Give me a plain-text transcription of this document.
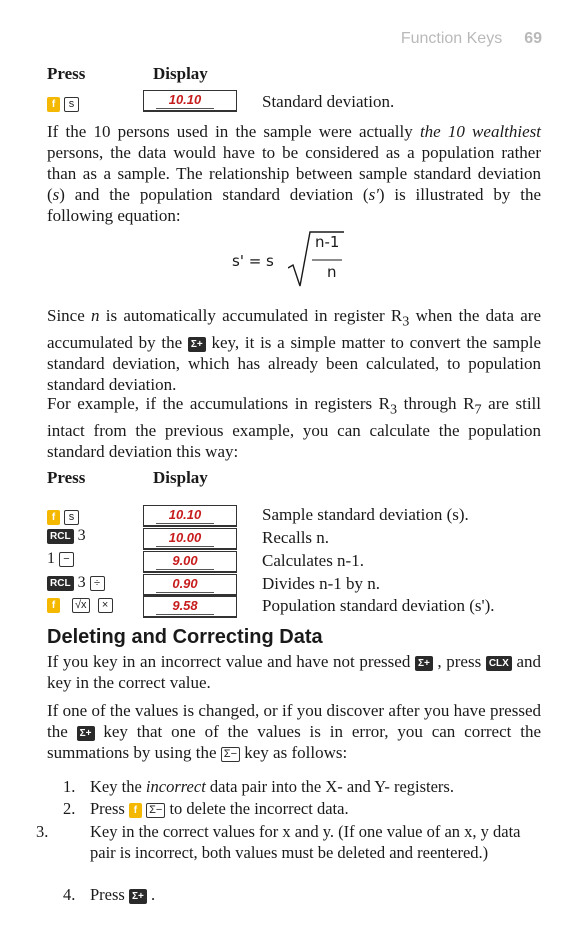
Function Keys 69
Press	Display
f s	10.10	Standard deviation.
If the 10 persons used in the sample were actually the 10 wealthiest persons, the data would have to be considered as a population rather than as a sample. The relationship between sample standard deviation (s) and the population standard deviation (s') is illustrated by the following equation:
s' = s
n-1
n
Since n is automatically accumulated in register $R_3$ when the data are accumulated by the Σ+ key, it is a simple matter to convert the sample standard deviation, which has already been calculated, to population standard deviation.
For example, if the accumulations in registers $R_3$ through $R_7$ are still intact from the previous example, you can calculate the population standard deviation this way:
Press	Display
f s	10.10	Sample standard deviation (s).
RCL 3	10.00	Recalls n.
1 −	9.00	Calculates n-1.
RCL 3 ÷	0.90	Divides n-1 by n.
f √x ×	9.58	Population standard deviation (s').
Deleting and Correcting Data
If you key in an incorrect value and have not pressed Σ+ , press CLX and key in the correct value.
If one of the values is changed, or if you discover after you have pressed the Σ+ key that one of the values is in error, you can correct the summations by using the Σ− key as follows:
1. Key the incorrect data pair into the X- and Y- registers.
2. Press f Σ− to delete the incorrect data.
3.	Key in the correct values for x and y. (If one value of an x, y data pair is incorrect, both values must be deleted and reentered.)
4. Press Σ+ .
